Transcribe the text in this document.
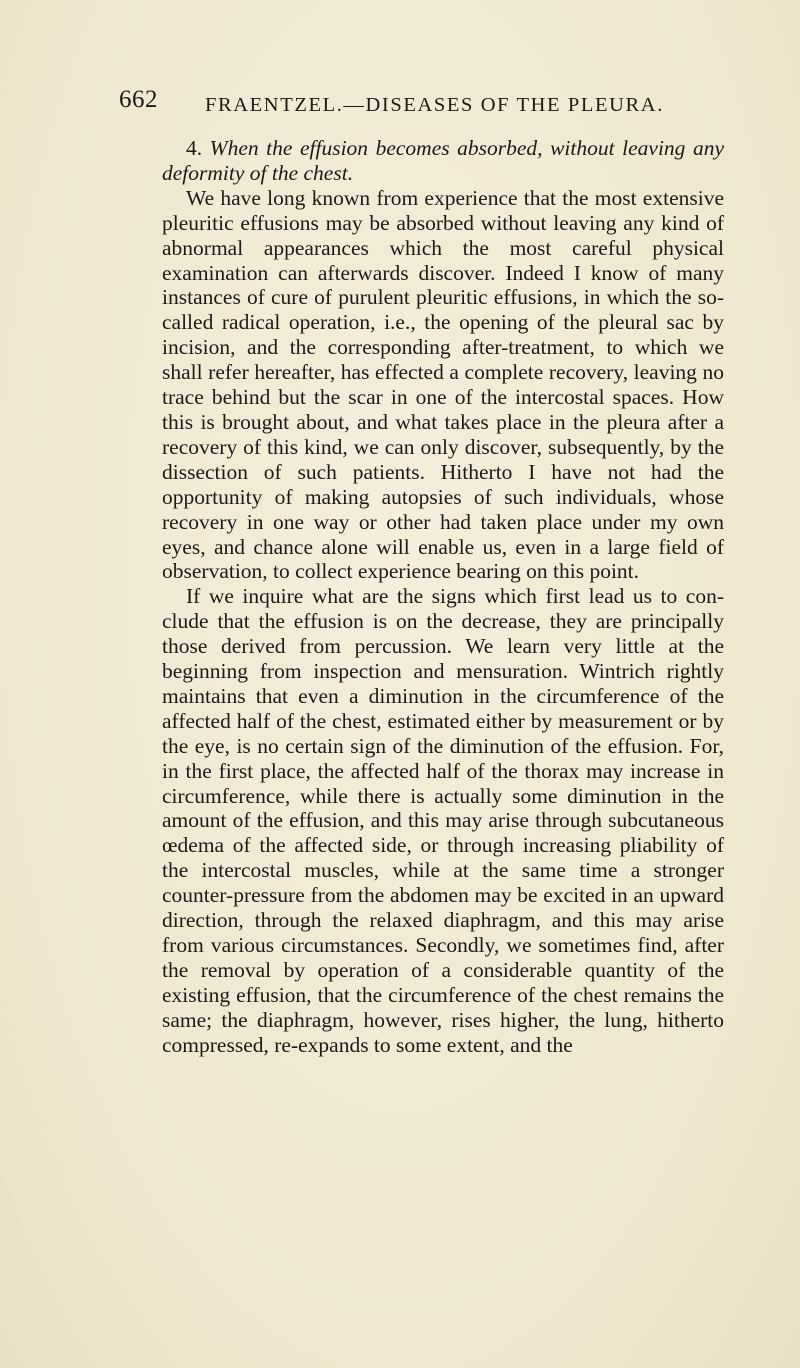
662 FRAENTZEL.—DISEASES OF THE PLEURA.

4. When the effusion becomes absorbed, without leaving any deformity of the chest.

We have long known from experience that the most extensive pleuritic effusions may be absorbed without leaving any kind of abnormal appearances which the most careful physical examination can afterwards discover. Indeed I know of many instances of cure of purulent pleuritic effusions, in which the so-called radical operation, i.e., the opening of the pleural sac by incision, and the corresponding after-treatment, to which we shall refer hereafter, has effected a complete recovery, leaving no trace behind but the scar in one of the intercostal spaces. How this is brought about, and what takes place in the pleura after a recovery of this kind, we can only discover, subsequently, by the dissection of such patients. Hitherto I have not had the opportunity of making autopsies of such individuals, whose recovery in one way or other had taken place under my own eyes, and chance alone will enable us, even in a large field of observation, to collect experience bearing on this point.

If we inquire what are the signs which first lead us to conclude that the effusion is on the decrease, they are principally those derived from percussion. We learn very little at the beginning from inspection and mensuration. Wintrich rightly maintains that even a diminution in the circumference of the affected half of the chest, estimated either by measurement or by the eye, is no certain sign of the diminution of the effusion. For, in the first place, the affected half of the thorax may increase in circumference, while there is actually some diminution in the amount of the effusion, and this may arise through subcutaneous œdema of the affected side, or through increasing pliability of the intercostal muscles, while at the same time a stronger counter-pressure from the abdomen may be excited in an upward direction, through the relaxed diaphragm, and this may arise from various circumstances. Secondly, we sometimes find, after the removal by operation of a considerable quantity of the existing effusion, that the circumference of the chest remains the same; the diaphragm, however, rises higher, the lung, hitherto compressed, re-expands to some extent, and the
